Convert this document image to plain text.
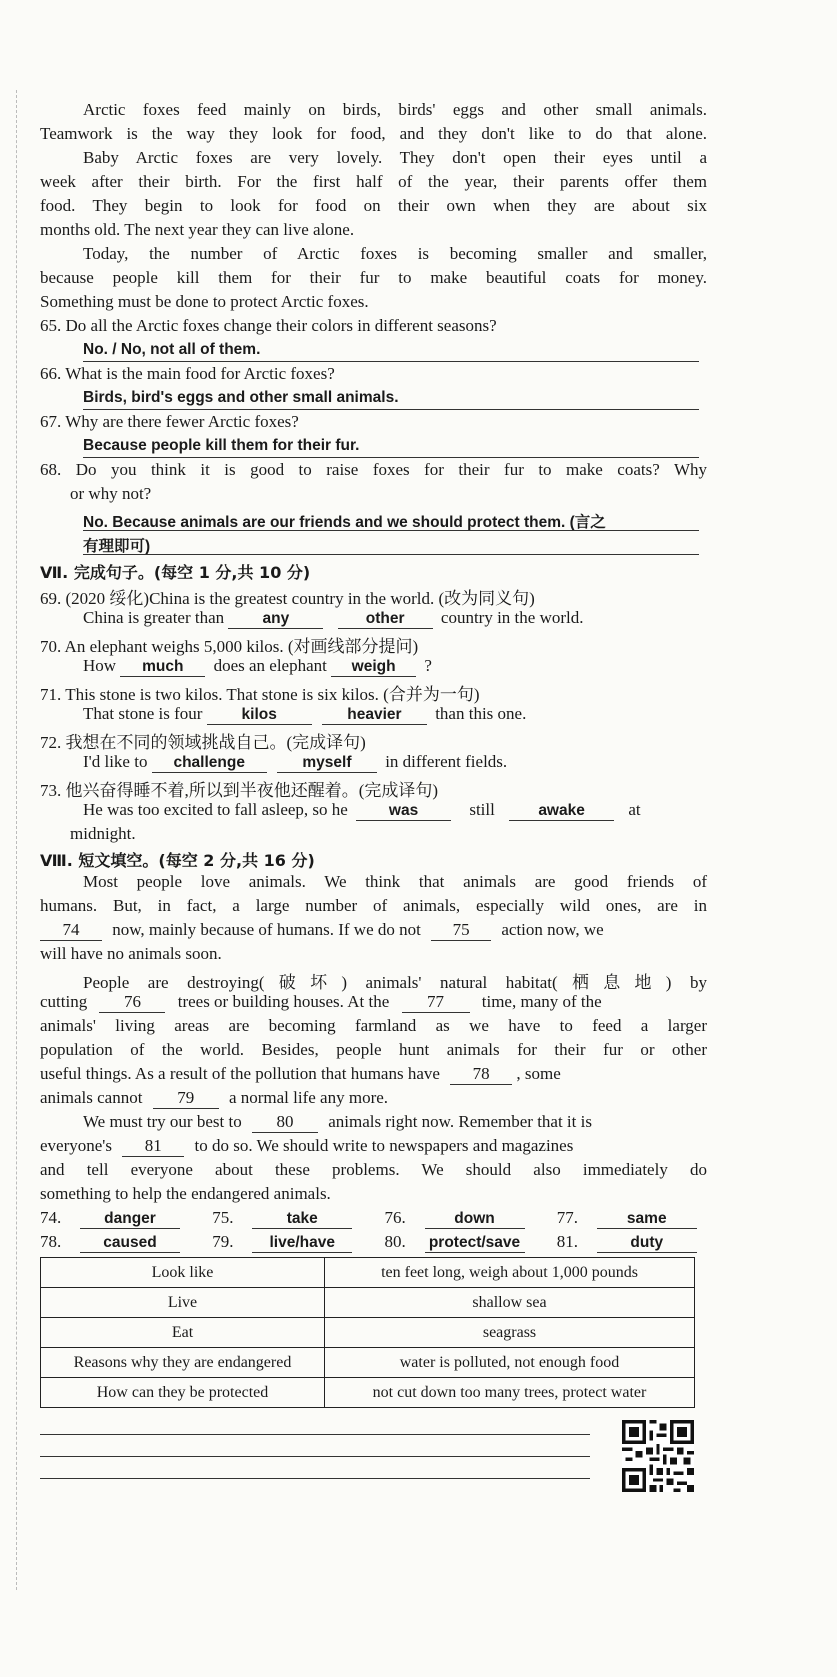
Arctic foxes feed mainly on birds, birds' eggs and other small animals.
Teamwork is the way they look for food, and they don't like to do that alone.
Baby Arctic foxes are very lovely. They don't open their eyes until a
week after their birth. For the first half of the year, their parents offer them
food. They begin to look for food on their own when they are about six
months old. The next year they can live alone.
Today, the number of Arctic foxes is becoming smaller and smaller,
because people kill them for their fur to make beautiful coats for money.
Something must be done to protect Arctic foxes.
65. Do all the Arctic foxes change their colors in different seasons?
No. / No, not all of them.
66. What is the main food for Arctic foxes?
Birds, bird's eggs and other small animals.
67. Why are there fewer Arctic foxes?
Because people kill them for their fur.
68. Do you think it is good to raise foxes for their fur to make coats? Why
or why not?
No. Because animals are our friends and we should protect them. (言之
有理即可)
Ⅶ. 完成句子。(每空 1 分,共 10 分)
69. (2020 绥化)China is the greatest country in the world. (改为同义句)
China is greater than any	other country in the world.
70. An elephant weighs 5,000 kilos. (对画线部分提问)
How much does an elephant weigh ?
71. This stone is two kilos. That stone is six kilos. (合并为一句)
That stone is four	kilos	heavier than this one.
72. 我想在不同的领域挑战自己。(完成译句)
I'd like to challenge	myself in different fields.
73. 他兴奋得睡不着,所以到半夜他还醒着。(完成译句)
He was too excited to fall asleep, so he	was	still	awake	at
midnight.
Ⅷ. 短文填空。(每空 2 分,共 16 分)
Most people love animals. We think that animals are good friends of
humans. But, in fact, a large number of animals, especially wild ones, are in
74 now, mainly because of humans. If we do not 75 action now, we
will have no animals soon.
People are destroying(破坏) animals' natural habitat(栖息地) by
cutting 76 trees or building houses. At the 77 time, many of the
animals' living areas are becoming farmland as we have to feed a larger
population of the world. Besides, people hunt animals for their fur or other
useful things. As a result of the pollution that humans have 78 , some
animals cannot 79 a normal life any more.
We must try our best to 80 animals right now. Remember that it is
everyone's 81 to do so. We should write to newspapers and magazines
and tell everyone about these problems. We should also immediately do
something to help the endangered animals.
74.	danger	75.	take	76.	down	77.	same
78.	caused	79. live/have	80. protect/save 81.	duty
Look like	ten feet long, weigh about 1,000 pounds
Live	shallow sea
Eat	seagrass
Reasons why they are endangered	water is polluted, not enough food
How can they be protected	not cut down too many trees, protect water
